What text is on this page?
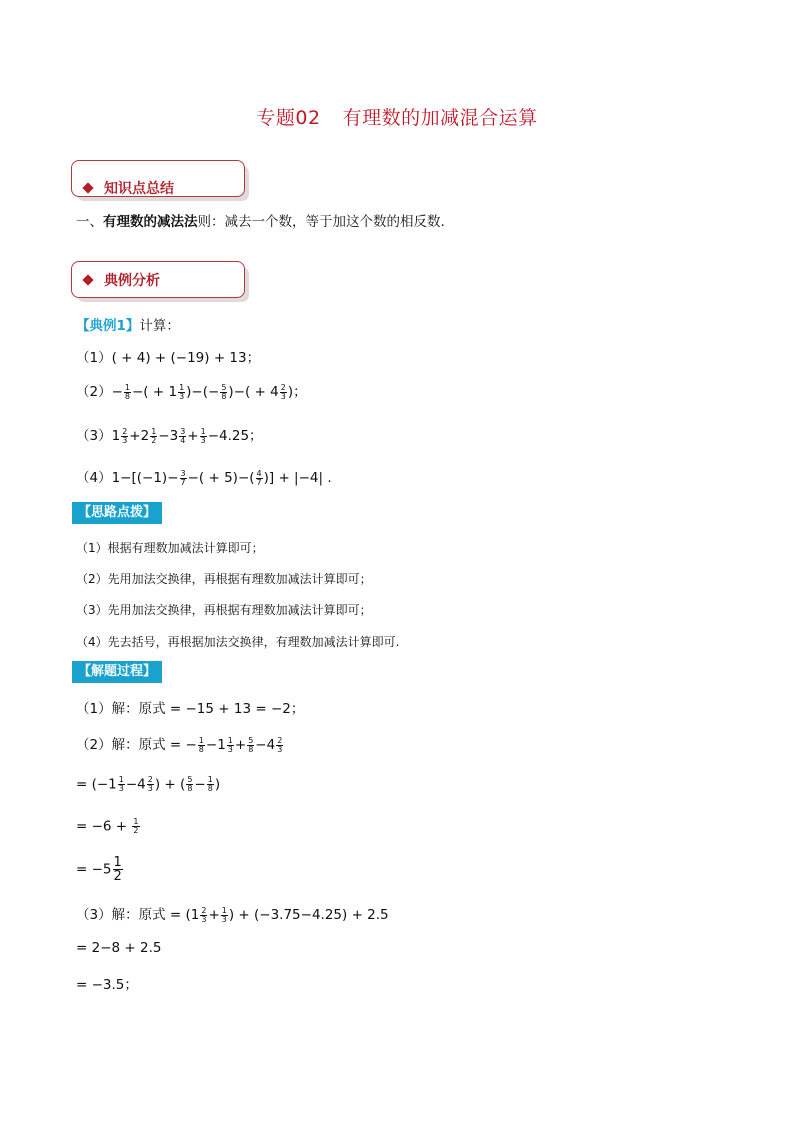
专题02 有理数的加减混合运算
知识点总结
一、有理数的减法法则：减去一个数，等于加这个数的相反数.
典例分析
【典例1】计算：
（1）( + 4) + (−19) + 13；
$(2)- \frac{1}{8}$ −( + $1 \frac{1}{3}$ )−(− $\frac{5}{8}$ )−( + $4 \frac{2}{3}$ )；
$(3)1 \frac{2}{3} +2 \frac{1}{2} -3 \frac{3}{4} + \frac{1}{3} -4.25$；
$(4)1-[(-1)- \frac{3}{7}$ −( + $5)-( \frac{4}{7}$ )] + |−4| .
【思路点拨】
（1）根据有理数加减法计算即可；
（2）先用加法交换律，再根据有理数加减法计算即可；
（3）先用加法交换律，再根据有理数加减法计算即可；
（4）先去括号，再根据加法交换律，有理数加减法计算即可.
【解题过程】
（1）解：原式 = −15 + 13 = −2；
（2）解：原式 = − $\frac{1}{8} -1 \frac{1}{3} + \frac{5}{8} -4 \frac{2}{3}$
= ($-1 \frac{1}{3} -4 \frac{2}{3}$ ) + ( $\frac{5}{8} - \frac{1}{8}$ )
= $-6 + \frac{1}{2}$
= $-5 \frac{1}{2}$
（3）解：原式 = ($1 \frac{2}{3} + \frac{1}{3}$ ) + (−3.75−4.25) + 2.5
= 2−8 + 2.5
= −3.5；
